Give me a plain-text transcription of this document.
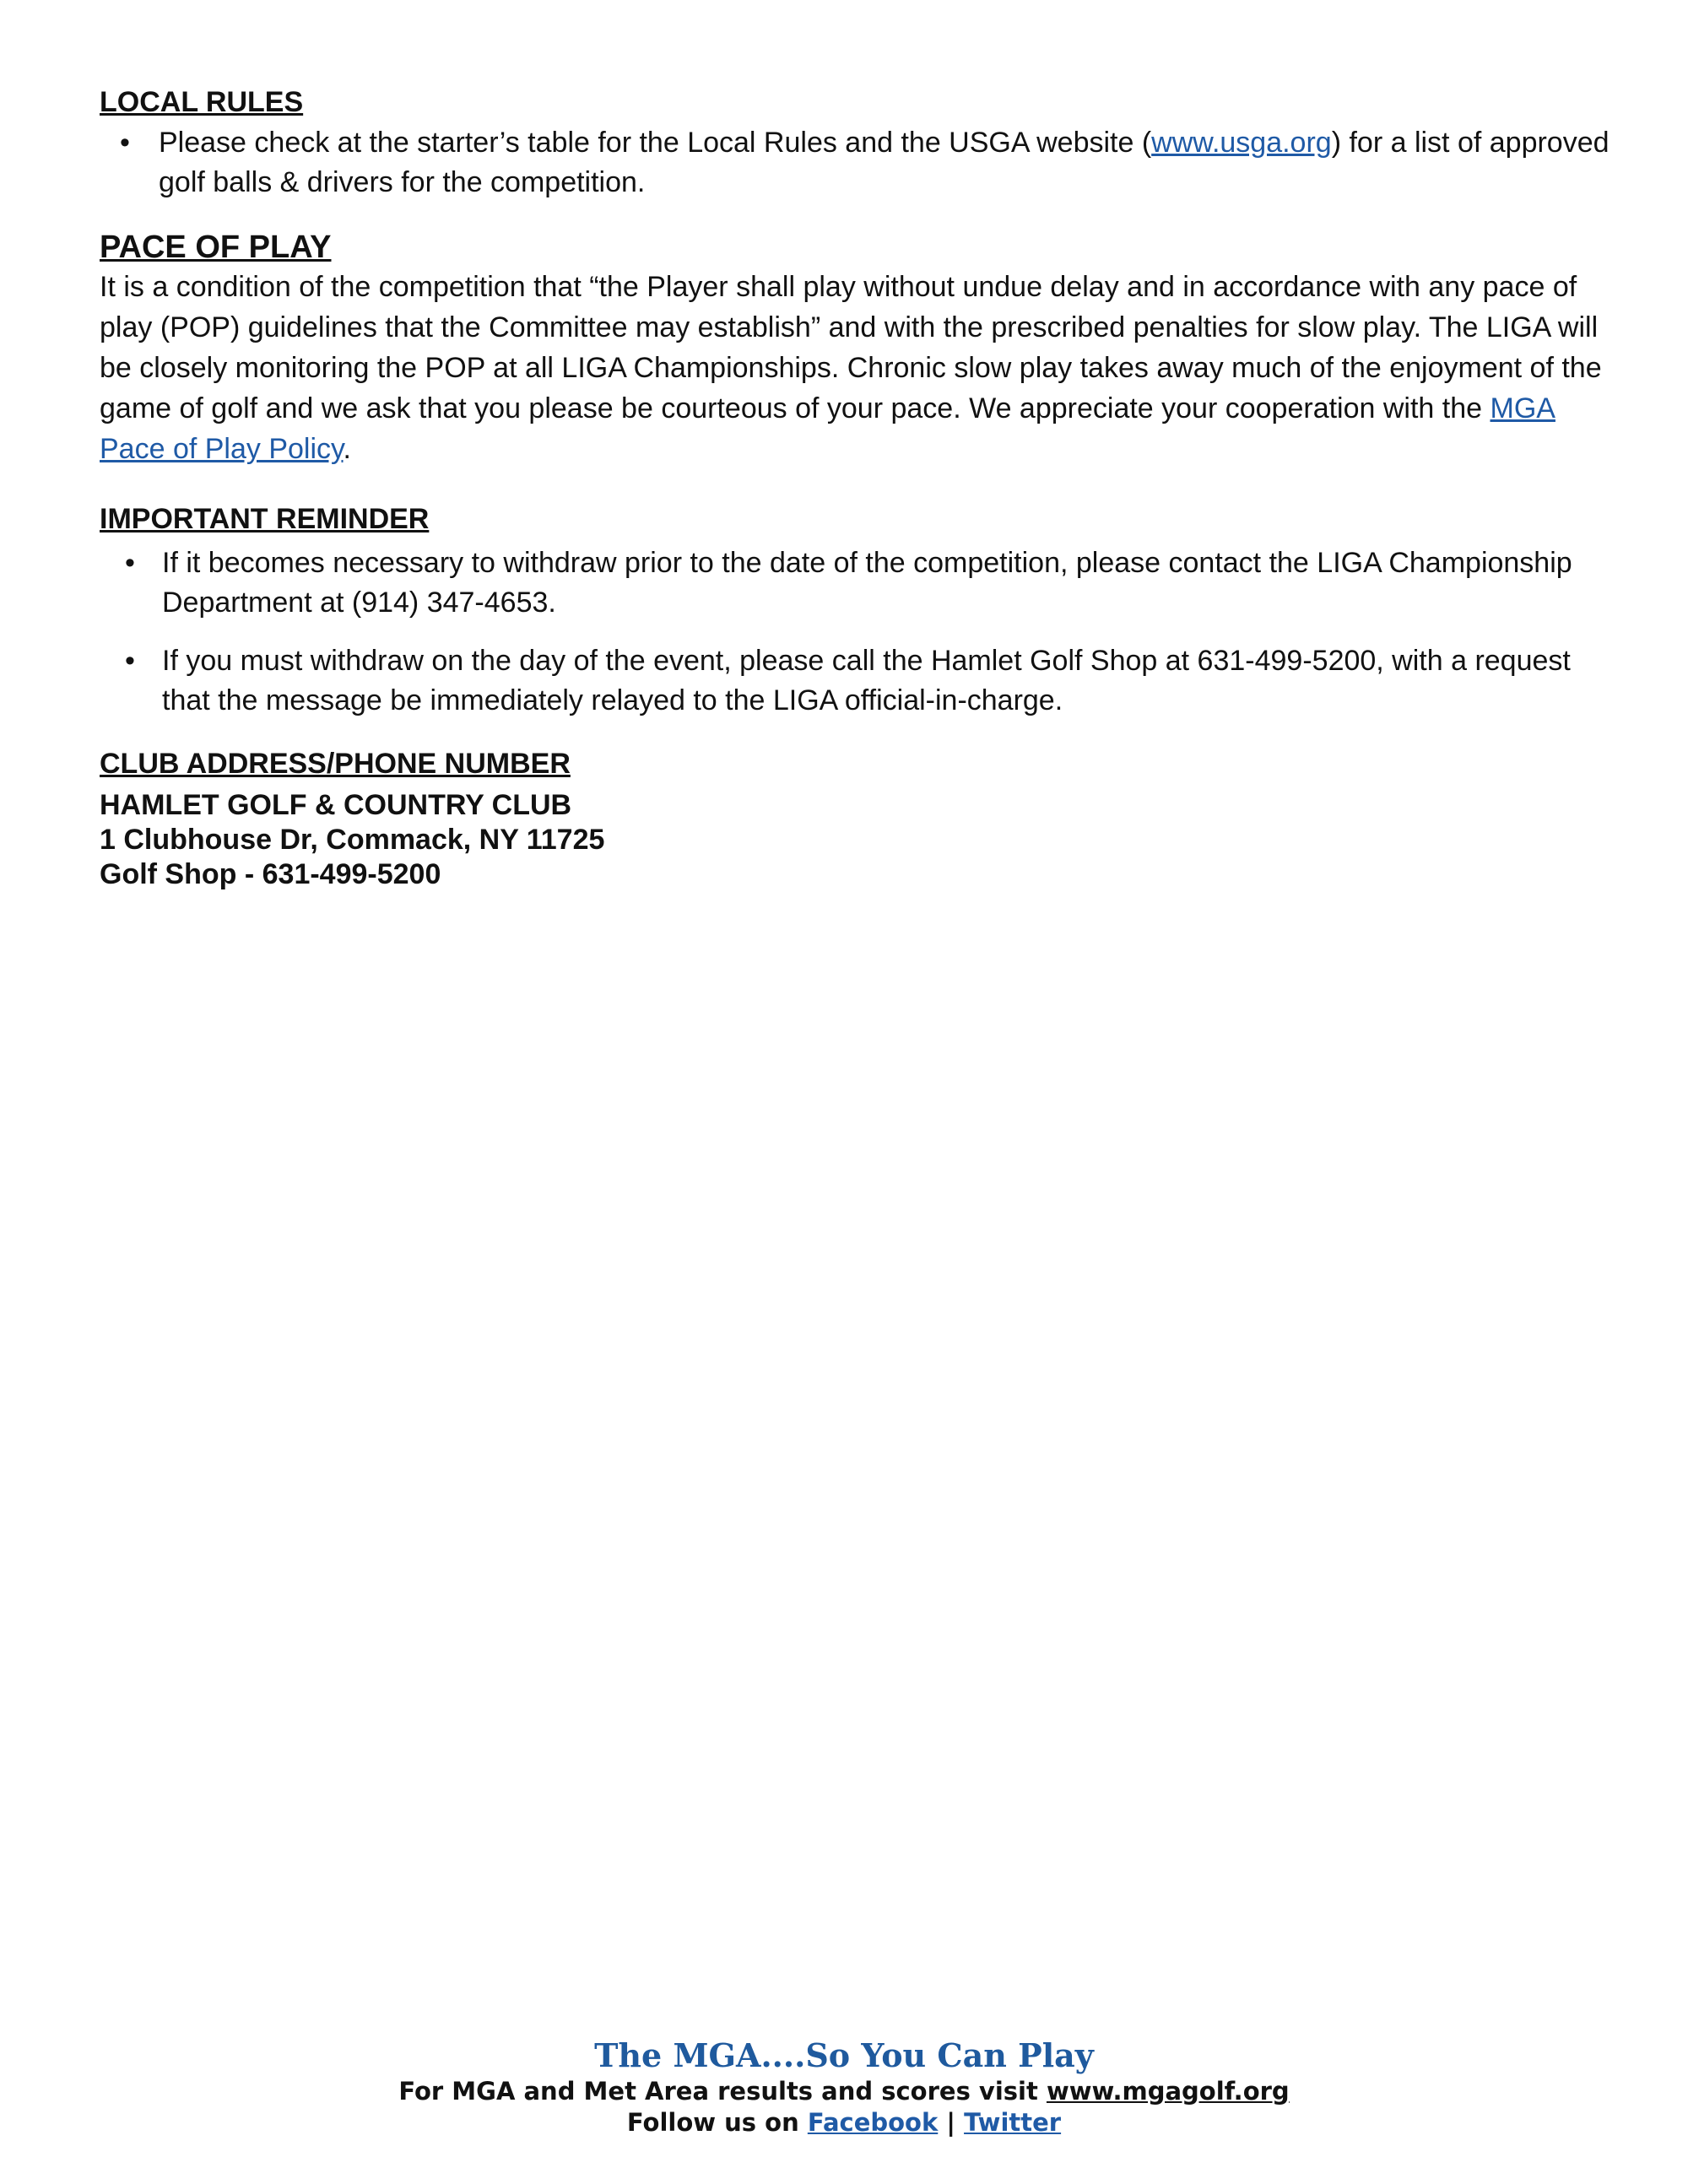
LOCAL RULES
• Please check at the starter’s table for the Local Rules and the USGA website (www.usga.org) for a list of approved golf balls & drivers for the competition.
PACE OF PLAY

It is a condition of the competition that “the Player shall play without undue delay and in accordance with any pace of play (POP) guidelines that the Committee may establish” and with the prescribed penalties for slow play. The LIGA will be closely monitoring the POP at all LIGA Championships. Chronic slow play takes away much of the enjoyment of the game of golf and we ask that you please be courteous of your pace. We appreciate your cooperation with the MGA Pace of Play Policy.

IMPORTANT REMINDER
• If it becomes necessary to withdraw prior to the date of the competition, please contact the LIGA Championship Department at (914) 347-4653.
• If you must withdraw on the day of the event, please call the Hamlet Golf Shop at 631-499-5200, with a request that the message be immediately relayed to the LIGA official-in-charge.
CLUB ADDRESS/PHONE NUMBER
HAMLET GOLF & COUNTRY CLUB
1 Clubhouse Dr, Commack, NY 11725
Golf Shop - 631-499-5200
The MGA....So You Can Play
For MGA and Met Area results and scores visit www.mgagolf.org
Follow us on Facebook | Twitter
